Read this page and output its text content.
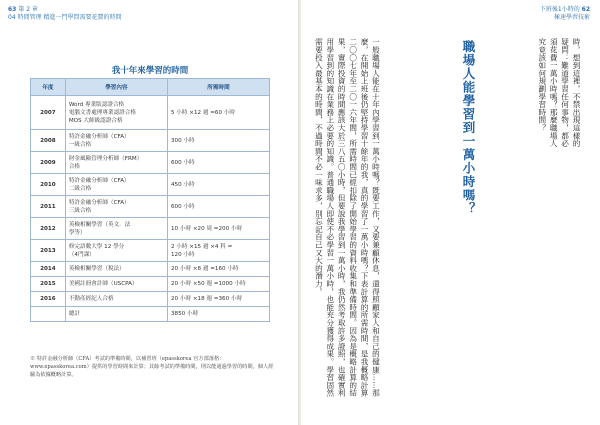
63 第 2 章
04 時間管理 精進一門學問需要花費的時間
我十年來學習的時間
年度	學習內容	所需時間
2007	Word 專業版認證合格
電腦文書處理專業認證合格
MOS 大師級認證合格	5 小時 ×12 週 =60 小時
2008	特許金融分析師（CFA）
一級合格	300 小時
2009	財金風險管理分析師（FRM）
合格	600 小時
2010	特許金融分析師（CFA）
二級合格	450 小時
2011	特許金融分析師（CFA）
三級合格	600 小時
2012	英檢相關學習（英文．法
學等）	10 小時 ×20 周 =200 小時
2013	修完語數大學 12 學分
（4門課）	2 小時 ×15 週 ×4 科 =
120 小時
2014	英檢相關學習（稅法）	20 小時 ×8 週 =160 小時
2015	美國註冊會計師（USCPA）	20 小時 ×50 週 =1000 小時
2016	不動產經紀人合格	20 小時 ×18 週 =360 小時
	總計	3850 小時
※ 特許金融分析師（CFA）考試的準備時間，以補習班（epasskorea 官方部落格：www.epasskorea.com）提供的學習時間來計算；其餘考試的準備時間，則以能通過學習的時間，個人經驗為依據概略計算。
下班後1小時的 62
極速學習技術
時，想到這裡，不禁出現這樣的疑問：難道學習任何事物，都必須花費一萬小時嗎？那麼職場人究竟該如何規劃學習時間？
職場人能學習到一萬小時嗎？
一般職場人能在十年內學習到一萬小時嗎？既要工作，又要兼顧休息，還得照顧家人和自己的健康……那麼，在開始上班後仍堅持學習十餘年的我，真的學習了一萬小時嗎？下表計算的所需時間，是我概略計算二〇〇七年至二〇一六年間，所需時間已經扣除了開始學習的資料收集和準備時間。因為是概略計算的結果，實際投資的時間應該大於三八五〇小時，但要說我學習到一萬小時，我仍然考取許多證照，也確實利用學習到的知識在業務上必要的知識。普通職場人即使不必學習一萬小時，也能充分獲得成果。學習固然需要投入最基本的時間，不過時間不必一味求多，別忘記自己又大的潛力。
